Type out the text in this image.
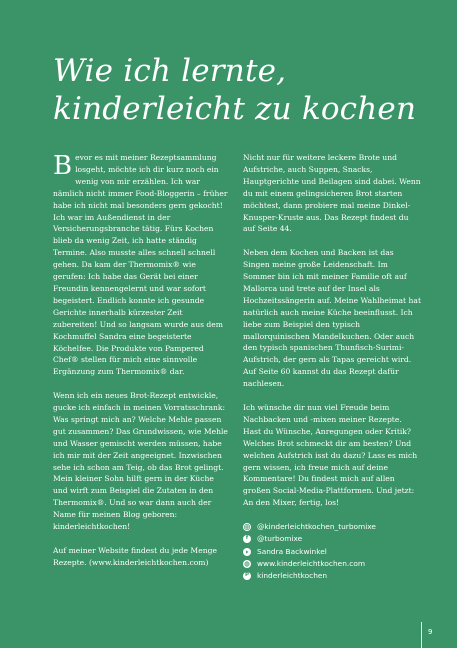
Wie ich lernte,
kinderleicht zu kochen

Bevor es mit meiner Rezeptsammlung losgeht, möchte ich dir kurz noch ein wenig von mir erzählen. Ich war nämlich nicht immer Food-Bloggerin – früher habe ich nicht mal besonders gern gekocht! Ich war im Außendienst in der Versicherungsbranche tätig. Fürs Kochen blieb da wenig Zeit, ich hatte ständig Termine. Also musste alles schnell schnell gehen. Da kam der Thermomix® wie gerufen: Ich habe das Gerät bei einer Freundin kennengelernt und war sofort begeistert. Endlich konnte ich gesunde Gerichte innerhalb kürzester Zeit zubereiten! Und so langsam wurde aus dem Kochmuffel Sandra eine begeisterte Köchelfee. Die Produkte von Pampered Chef® stellen für mich eine sinnvolle Ergänzung zum Thermomix® dar.

Wenn ich ein neues Brot-Rezept entwickle, gucke ich einfach in meinen Vorratsschrank: Was springt mich an? Welche Mehle passen gut zusammen? Das Grundwissen, wie Mehle und Wasser gemischt werden müssen, habe ich mir mit der Zeit angeeignet. Inzwischen sehe ich schon am Teig, ob das Brot gelingt. Mein kleiner Sohn hilft gern in der Küche und wirft zum Beispiel die Zutaten in den Thermomix®. Und so war dann auch der Name für meinen Blog geboren: kinderleichtkochen!

Auf meiner Website findest du jede Menge Rezepte. (www.kinderleichtkochen.com)

Nicht nur für weitere leckere Brote und Aufstriche, auch Suppen, Snacks, Hauptgerichte und Beilagen sind dabei. Wenn du mit einem gelingsicheren Brot starten möchtest, dann probiere mal meine Dinkel-Knusper-Kruste aus. Das Rezept findest du auf Seite 44.

Neben dem Kochen und Backen ist das Singen meine große Leidenschaft. Im Sommer bin ich mit meiner Familie oft auf Mallorca und trete auf der Insel als Hochzeitssängerin auf. Meine Wahlheimat hat natürlich auch meine Küche beeinflusst. Ich liebe zum Beispiel den typisch mallorquinischen Mandelkuchen. Oder auch den typisch spanischen Thunfisch-Surimi-Aufstrich, der gern als Tapas gereicht wird. Auf Seite 60 kannst du das Rezept dafür nachlesen.

Ich wünsche dir nun viel Freude beim Nachbacken und -mixen meiner Rezepte. Hast du Wünsche, Anregungen oder Kritik? Welches Brot schmeckt dir am besten? Und welchen Aufstrich isst du dazu? Lass es mich gern wissen, ich freue mich auf deine Kommentare! Du findest mich auf allen großen Social-Media-Plattformen. Und jetzt: An den Mixer, fertig, los!

@kinderleichtkochen_turbomixe
f	@turbomixe
Sandra Backwinkel
www.kinderleichtkochen.com
P kinderleichtkochen
9
